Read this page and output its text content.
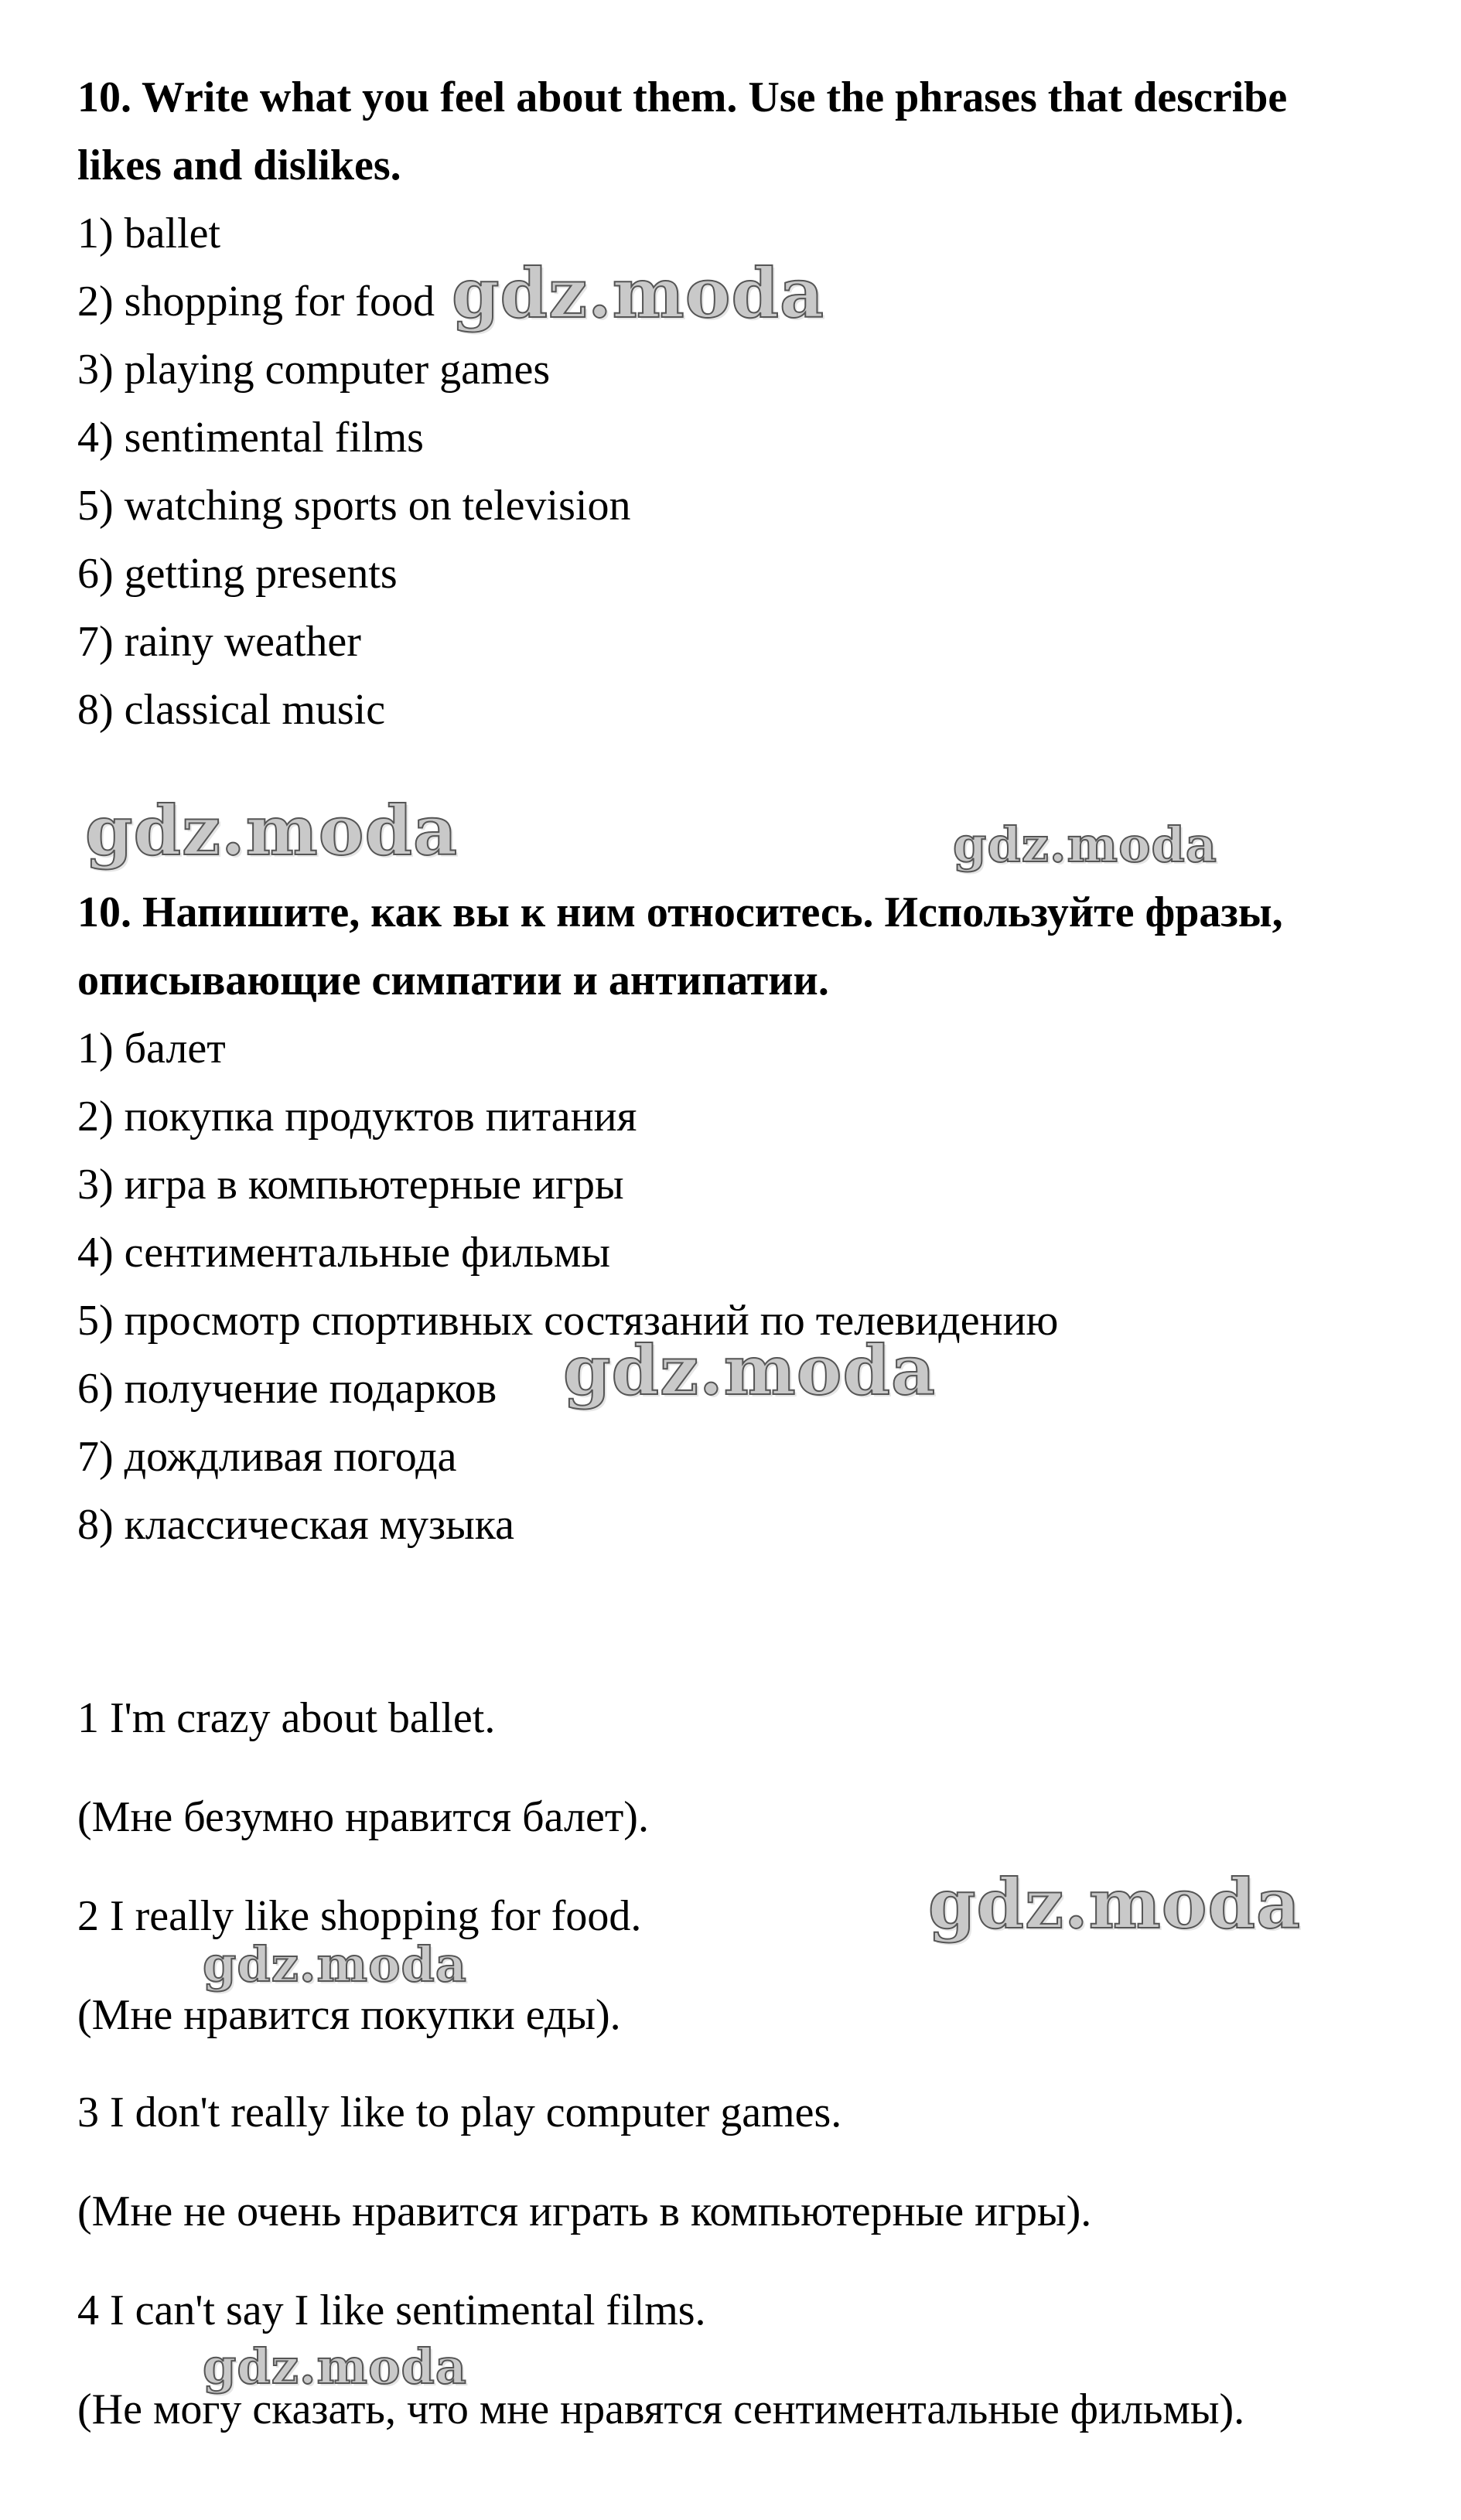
10. Write what you feel about them. Use the phrases that describe
likes and dislikes.
1) ballet
2) shopping for food
3) playing computer games
4) sentimental films
5) watching sports on television
6) getting presents
7) rainy weather
8) classical music
10. Напишите, как вы к ним относитесь. Используйте фразы,
описывающие симпатии и антипатии.
1) балет
2) покупка продуктов питания
3) игра в компьютерные игры
4) сентиментальные фильмы
5) просмотр спортивных состязаний по телевидению
6) получение подарков
7) дождливая погода
8) классическая музыка
1 I'm crazy about ballet.
(Мне безумно нравится балет).
2 I really like shopping for food.
(Мне нравится покупки еды).
3 I don't really like to play computer games.
(Мне не очень нравится играть в компьютерные игры).
4 I can't say I like sentimental films.
(Не могу сказать, что мне нравятся сентиментальные фильмы).
gdz.moda
gdz.moda	gdz.moda
gdz.moda
gdz.moda
gdz.moda
gdz.moda
